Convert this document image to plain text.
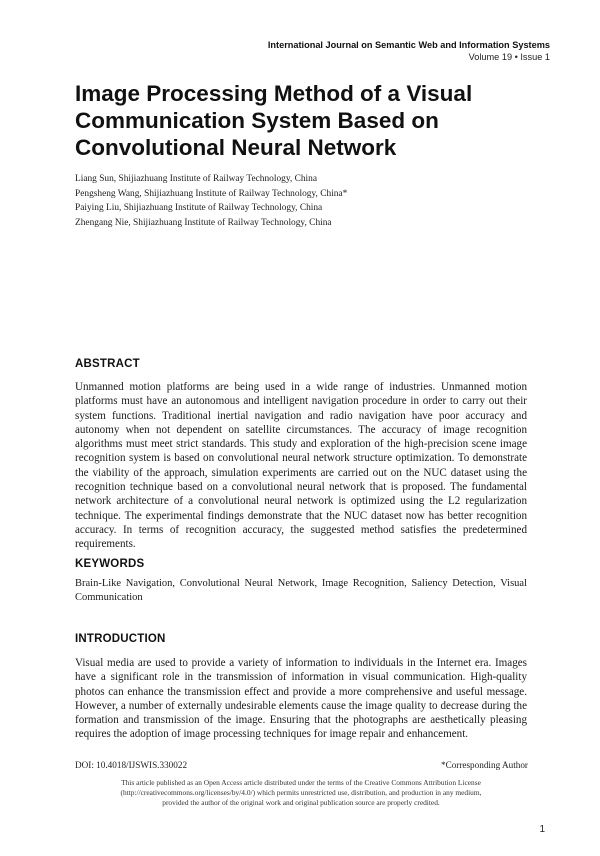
International Journal on Semantic Web and Information Systems
Volume 19 • Issue 1
Image Processing Method of a Visual Communication System Based on Convolutional Neural Network
Liang Sun, Shijiazhuang Institute of Railway Technology, China
Pengsheng Wang, Shijiazhuang Institute of Railway Technology, China*
Paiying Liu, Shijiazhuang Institute of Railway Technology, China
Zhengang Nie, Shijiazhuang Institute of Railway Technology, China
ABSTRACT

Unmanned motion platforms are being used in a wide range of industries. Unmanned motion platforms must have an autonomous and intelligent navigation procedure in order to carry out their system functions. Traditional inertial navigation and radio navigation have poor accuracy and autonomy when not dependent on satellite circumstances. The accuracy of image recognition algorithms must meet strict standards. This study and exploration of the high-precision scene image recognition system is based on convolutional neural network structure optimization. To demonstrate the viability of the approach, simulation experiments are carried out on the NUC dataset using the recognition technique based on a convolutional neural network that is proposed. The fundamental network architecture of a convolutional neural network is optimized using the L2 regularization technique. The experimental findings demonstrate that the NUC dataset now has better recognition accuracy. In terms of recognition accuracy, the suggested method satisfies the predetermined requirements.

KEYWORDS

Brain-Like Navigation, Convolutional Neural Network, Image Recognition, Saliency Detection, Visual Communication

INTRODUCTION

Visual media are used to provide a variety of information to individuals in the Internet era. Images have a significant role in the transmission of information in visual communication. High-quality photos can enhance the transmission effect and provide a more comprehensive and useful message. However, a number of externally undesirable elements cause the image quality to decrease during the formation and transmission of the image. Ensuring that the photographs are aesthetically pleasing requires the adoption of image processing techniques for image repair and enhancement.

DOI: 10.4018/IJSWIS.330022	*Corresponding Author
This article published as an Open Access article distributed under the terms of the Creative Commons Attribution License
(http://creativecommons.org/licenses/by/4.0/) which permits unrestricted use, distribution, and production in any medium,
provided the author of the original work and original publication source are properly credited.
1
